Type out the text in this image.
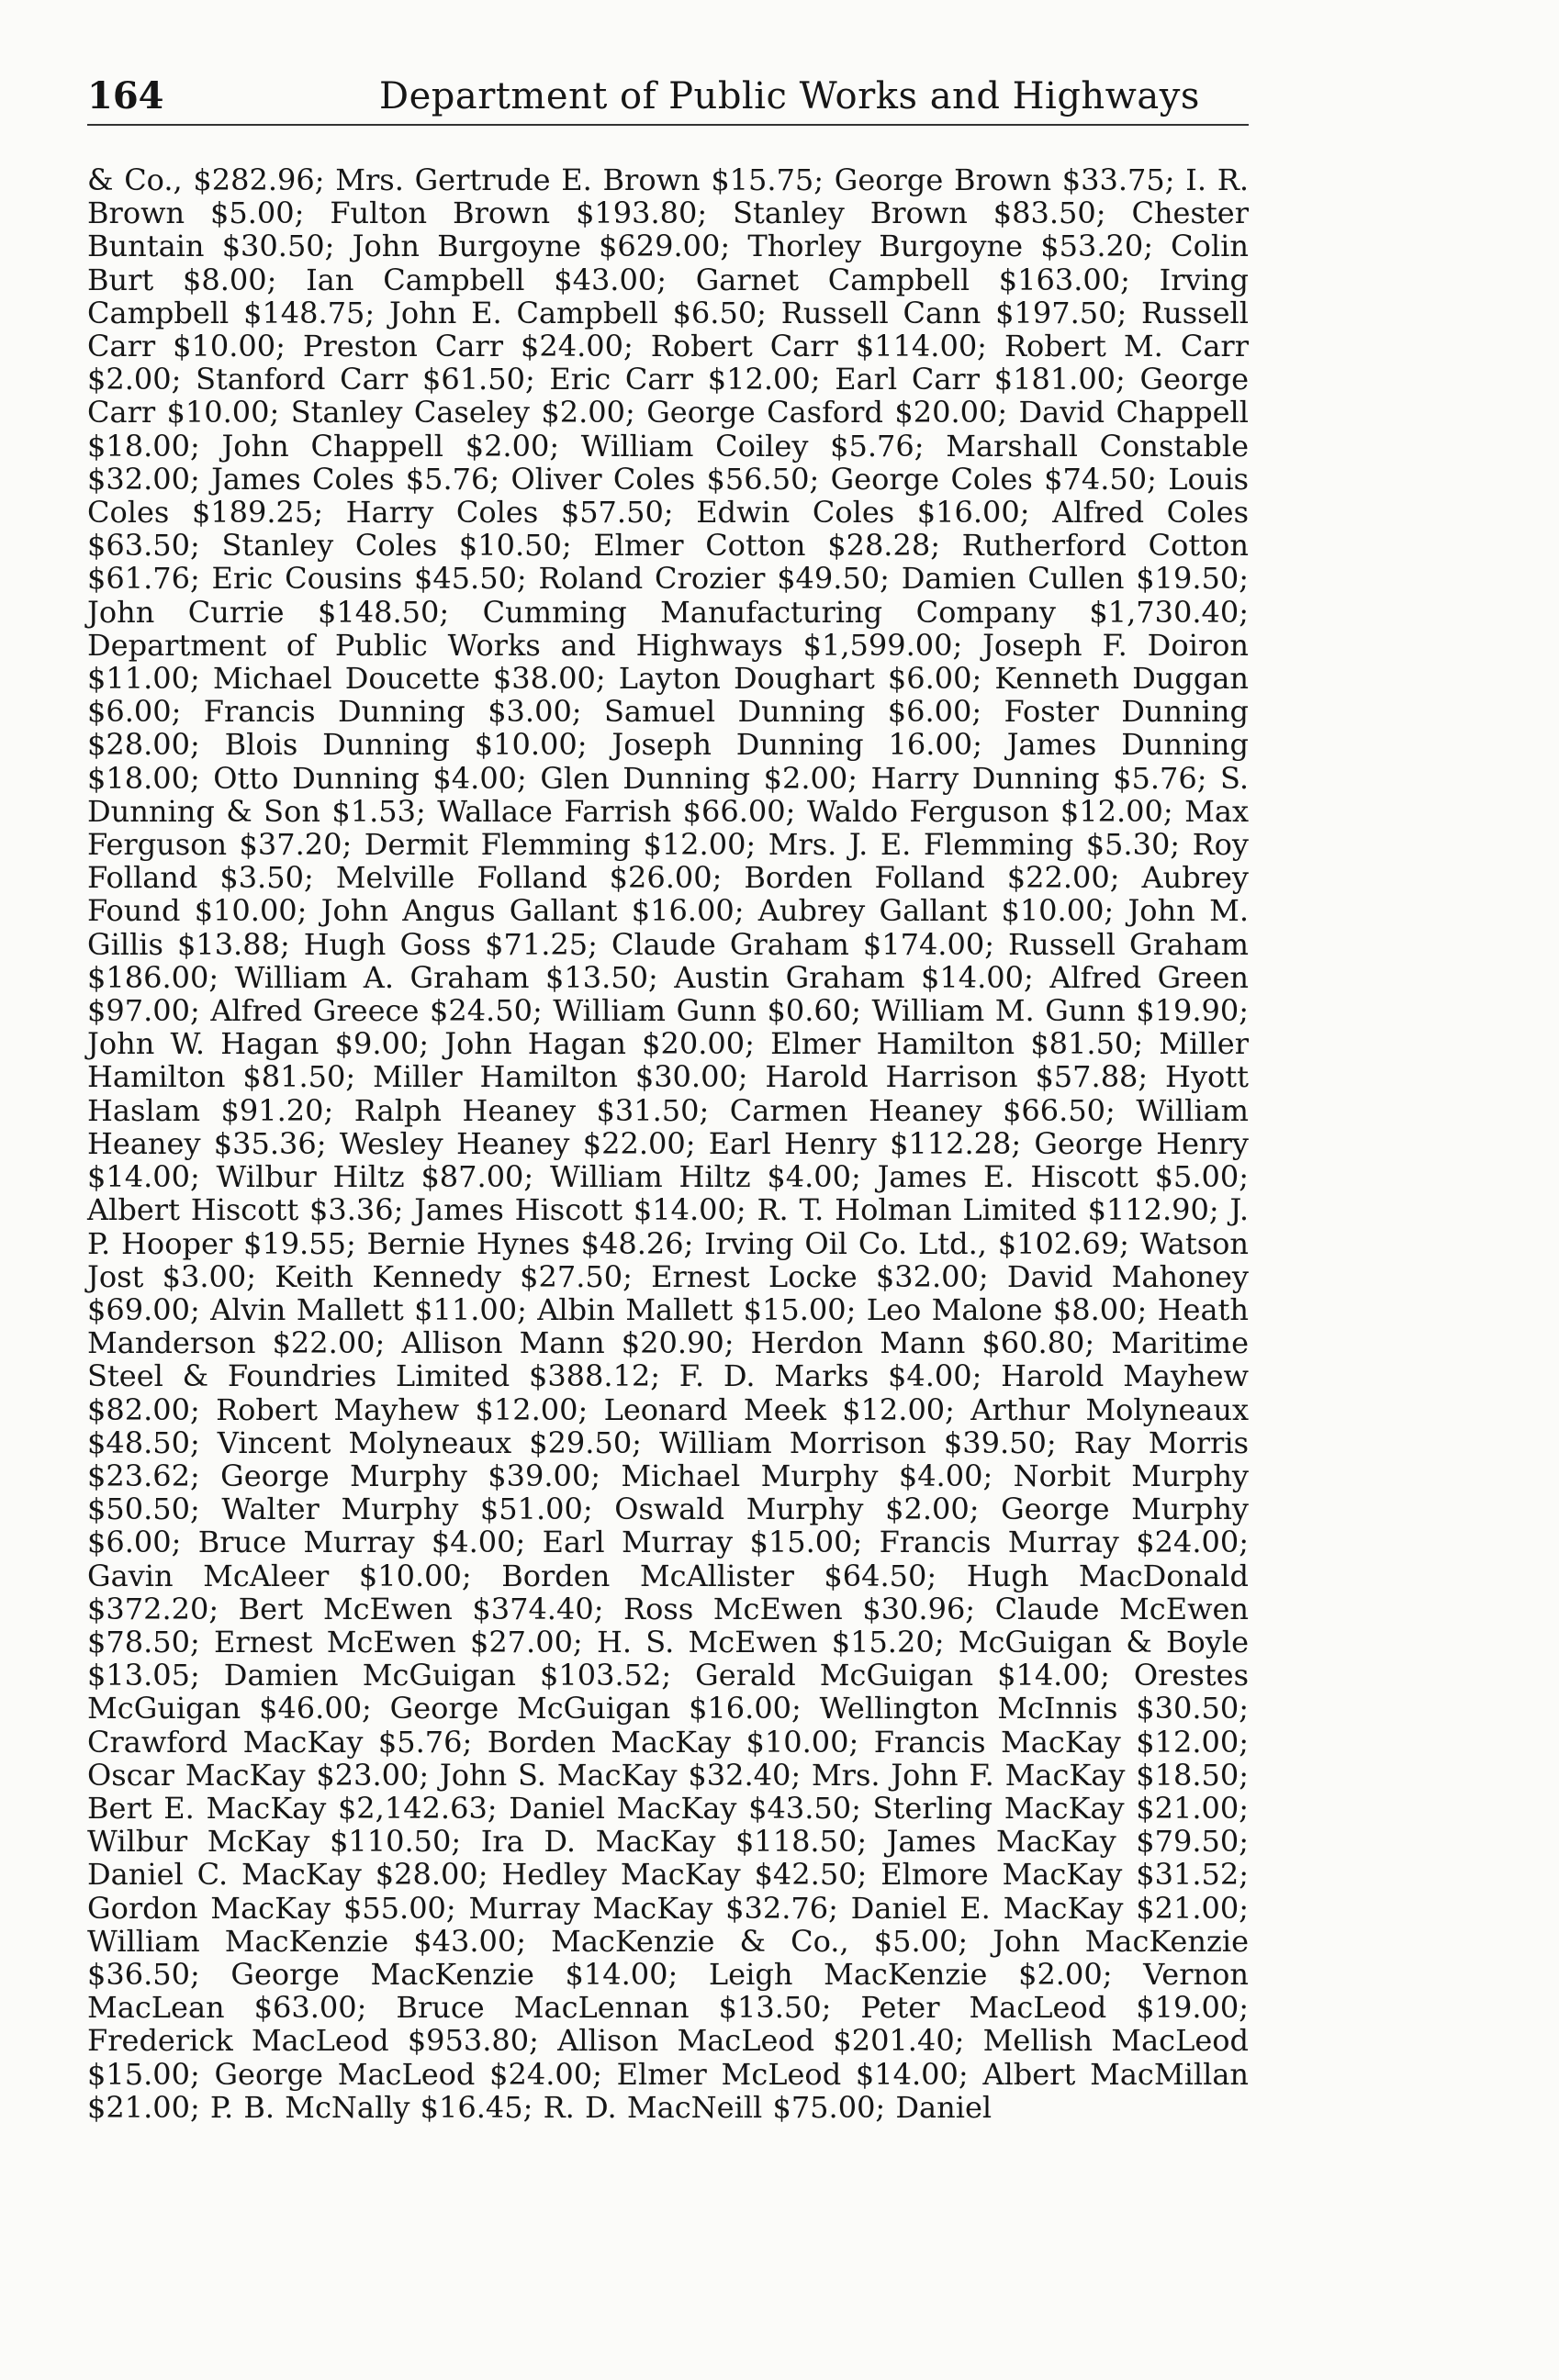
164	Department of Public Works and Highways

& Co., $282.96; Mrs. Gertrude E. Brown $15.75; George Brown $33.75; I. R. Brown $5.00; Fulton Brown $193.80; Stanley Brown $83.50; Chester Buntain $30.50; John Burgoyne $629.00; Thorley Burgoyne $53.20; Colin Burt $8.00; Ian Campbell $43.00; Garnet Campbell $163.00; Irving Campbell $148.75; John E. Campbell $6.50; Russell Cann $197.50; Russell Carr $10.00; Preston Carr $24.00; Robert Carr $114.00; Robert M. Carr $2.00; Stanford Carr $61.50; Eric Carr $12.00; Earl Carr $181.00; George Carr $10.00; Stanley Caseley $2.00; George Casford $20.00; David Chappell $18.00; John Chappell $2.00; William Coiley $5.76; Marshall Constable $32.00; James Coles $5.76; Oliver Coles $56.50; George Coles $74.50; Louis Coles $189.25; Harry Coles $57.50; Edwin Coles $16.00; Alfred Coles $63.50; Stanley Coles $10.50; Elmer Cotton $28.28; Rutherford Cotton $61.76; Eric Cousins $45.50; Roland Crozier $49.50; Damien Cullen $19.50; John Currie $148.50; Cumming Manufacturing Company $1,730.40; Department of Public Works and Highways $1,599.00; Joseph F. Doiron $11.00; Michael Doucette $38.00; Layton Doughart $6.00; Kenneth Duggan $6.00; Francis Dunning $3.00; Samuel Dunning $6.00; Foster Dunning $28.00; Blois Dunning $10.00; Joseph Dunning 16.00; James Dunning $18.00; Otto Dunning $4.00; Glen Dunning $2.00; Harry Dunning $5.76; S. Dunning & Son $1.53; Wallace Farrish $66.00; Waldo Ferguson $12.00; Max Ferguson $37.20; Dermit Flemming $12.00; Mrs. J. E. Flemming $5.30; Roy Folland $3.50; Melville Folland $26.00; Borden Folland $22.00; Aubrey Found $10.00; John Angus Gallant $16.00; Aubrey Gallant $10.00; John M. Gillis $13.88; Hugh Goss $71.25; Claude Graham $174.00; Russell Graham $186.00; William A. Graham $13.50; Austin Graham $14.00; Alfred Green $97.00; Alfred Greece $24.50; William Gunn $0.60; William M. Gunn $19.90; John W. Hagan $9.00; John Hagan $20.00; Elmer Hamilton $81.50; Miller Hamilton $81.50; Miller Hamilton $30.00; Harold Harrison $57.88; Hyott Haslam $91.20; Ralph Heaney $31.50; Carmen Heaney $66.50; William Heaney $35.36; Wesley Heaney $22.00; Earl Henry $112.28; George Henry $14.00; Wilbur Hiltz $87.00; William Hiltz $4.00; James E. Hiscott $5.00; Albert Hiscott $3.36; James Hiscott $14.00; R. T. Holman Limited $112.90; J. P. Hooper $19.55; Bernie Hynes $48.26; Irving Oil Co. Ltd., $102.69; Watson Jost $3.00; Keith Kennedy $27.50; Ernest Locke $32.00; David Mahoney $69.00; Alvin Mallett $11.00; Albin Mallett $15.00; Leo Malone $8.00; Heath Manderson $22.00; Allison Mann $20.90; Herdon Mann $60.80; Maritime Steel & Foundries Limited $388.12; F. D. Marks $4.00; Harold Mayhew $82.00; Robert Mayhew $12.00; Leonard Meek $12.00; Arthur Molyneaux $48.50; Vincent Molyneaux $29.50; William Morrison $39.50; Ray Morris $23.62; George Murphy $39.00; Michael Murphy $4.00; Norbit Murphy $50.50; Walter Murphy $51.00; Oswald Murphy $2.00; George Murphy $6.00; Bruce Murray $4.00; Earl Murray $15.00; Francis Murray $24.00; Gavin McAleer $10.00; Borden McAllister $64.50; Hugh MacDonald $372.20; Bert McEwen $374.40; Ross McEwen $30.96; Claude McEwen $78.50; Ernest McEwen $27.00; H. S. McEwen $15.20; McGuigan & Boyle $13.05; Damien McGuigan $103.52; Gerald McGuigan $14.00; Orestes McGuigan $46.00; George McGuigan $16.00; Wellington McInnis $30.50; Crawford MacKay $5.76; Borden MacKay $10.00; Francis MacKay $12.00; Oscar MacKay $23.00; John S. MacKay $32.40; Mrs. John F. MacKay $18.50; Bert E. MacKay $2,142.63; Daniel MacKay $43.50; Sterling MacKay $21.00; Wilbur McKay $110.50; Ira D. MacKay $118.50; James MacKay $79.50; Daniel C. MacKay $28.00; Hedley MacKay $42.50; Elmore MacKay $31.52; Gordon MacKay $55.00; Murray MacKay $32.76; Daniel E. MacKay $21.00; William MacKenzie $43.00; MacKenzie & Co., $5.00; John MacKenzie $36.50; George MacKenzie $14.00; Leigh MacKenzie $2.00; Vernon MacLean $63.00; Bruce MacLennan $13.50; Peter MacLeod $19.00; Frederick MacLeod $953.80; Allison MacLeod $201.40; Mellish MacLeod $15.00; George MacLeod $24.00; Elmer McLeod $14.00; Albert MacMillan $21.00; P. B. McNally $16.45; R. D. MacNeill $75.00; Daniel
